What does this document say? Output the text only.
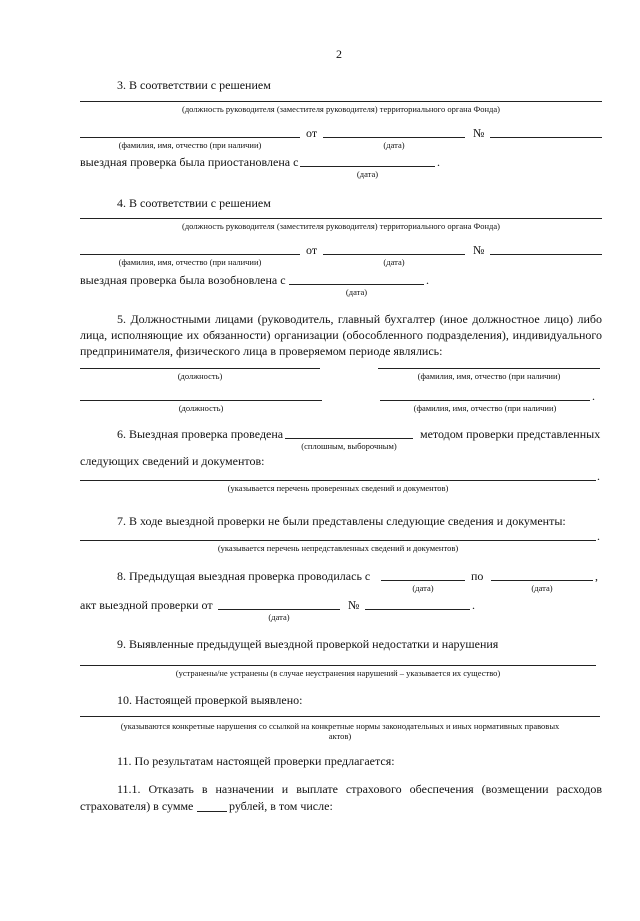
2
3. В соответствии с решением
(должность руководителя (заместителя руководителя) территориального органа Фонда)
от	№
(фамилия, имя, отчество (при наличии)	(дата)
выездная проверка была приостановлена с	.
(дата)
4. В соответствии с решением
(должность руководителя (заместителя руководителя) территориального органа Фонда)
от	№
(фамилия, имя, отчество (при наличии)	(дата)
выездная проверка была возобновлена с	.
(дата)
5. Должностными лицами (руководитель, главный бухгалтер (иное должностное лицо) либо лица, исполняющие их обязанности) организации (обособленного подразделения), индивидуального предпринимателя, физического лица в проверяемом периоде являлись:
(должность)	(фамилия, имя, отчество (при наличии)
.
(должность)	(фамилия, имя, отчество (при наличии)
6. Выездная проверка проведена	методом проверки представленных
(сплошным, выборочным)
следующих сведений и документов:
.
(указывается перечень проверенных сведений и документов)
7. В ходе выездной проверки не были представлены следующие сведения и документы:
.
(указывается перечень непредставленных сведений и документов)
8. Предыдущая выездная проверка проводилась с	по	,
(дата)	(дата)
акт выездной проверки от	№	.
(дата)
9. Выявленные предыдущей выездной проверкой недостатки и нарушения
(устранены/не устранены (в случае неустранения нарушений – указывается их существо)
10. Настоящей проверкой выявлено:
(указываются конкретные нарушения со ссылкой на конкретные нормы законодательных и иных нормативных правовых
актов)
11. По результатам настоящей проверки предлагается:
11.1. Отказать в назначении и выплате страхового обеспечения (возмещении расходов
страхователя) в сумме	рублей, в том числе:
